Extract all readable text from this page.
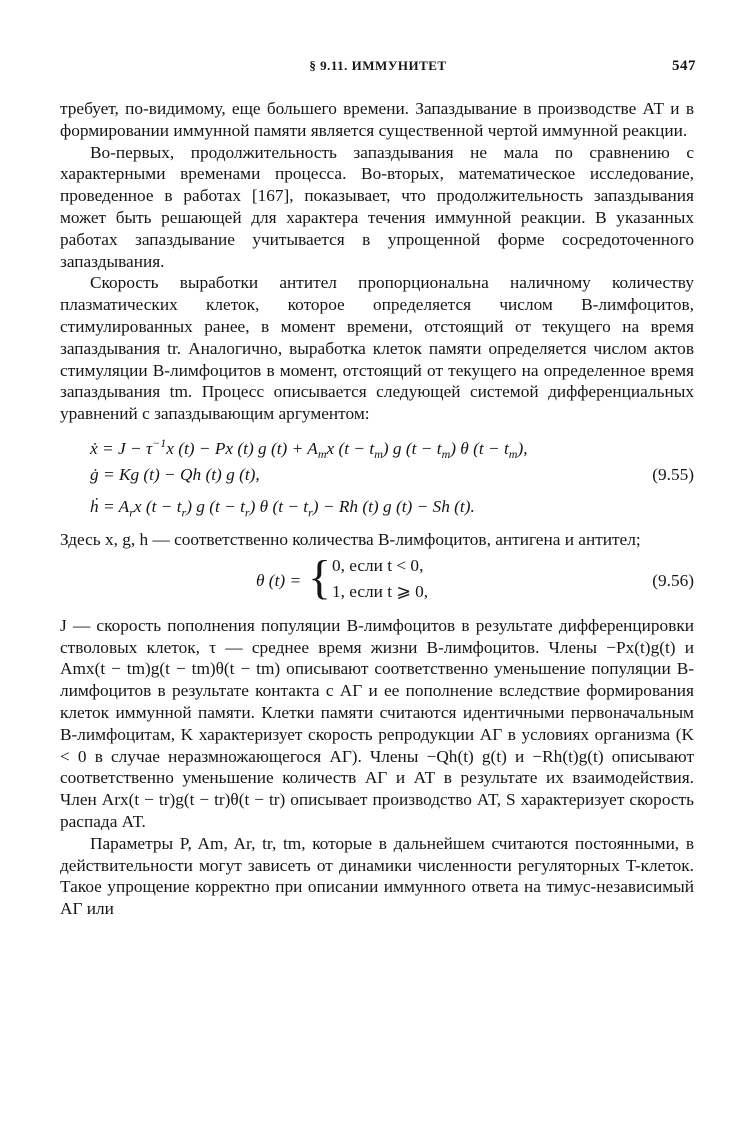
§ 9.11. ИММУНИТЕТ	547

требует, по-видимому, еще большего времени. Запаздывание в производстве АТ и в формировании иммунной памяти является существенной чертой иммунной реакции.

Во-первых, продолжительность запаздывания не мала по сравнению с характерными временами процесса. Во-вторых, математическое исследование, проведенное в работах [167], показывает, что продолжительность запаздывания может быть решающей для характера течения иммунной реакции. В указанных работах запаздывание учитывается в упрощенной форме сосредоточенного запаздывания.

Скорость выработки антител пропорциональна наличному количеству плазматических клеток, которое определяется числом B-лимфоцитов, стимулированных ранее, в момент времени, отстоящий от текущего на время запаздывания tr. Аналогично, выработка клеток памяти определяется числом актов стимуляции B-лимфоцитов в момент, отстоящий от текущего на определенное время запаздывания tm. Процесс описывается следующей системой дифференциальных уравнений с запаздывающим аргументом:

ẋ = $J - \tau^{-1}x$ (t) − Px (t) g $(t) + A_mx$ $(t - t_m)$ g $(t - t_m)$ θ $(t - t_m)$,
ġ = Kg (t) − Qh (t) g (t),	(9.55)
ḣ = $A_rx$ $(t - t_r)$ g $(t - t_r)$ θ $(t - t_r) - Rh$ (t) g (t) − Sh (t).

Здесь x, g, h — соответственно количества B-лимфоцитов, антигена и антител;

θ (t) = { 0, если t < 0,
1, если t ⩾ 0,
(9.56)

J — скорость пополнения популяции B-лимфоцитов в результате дифференцировки стволовых клеток, τ — среднее время жизни B-лимфоцитов. Члены −Px(t)g(t) и Amx(t − tm)g(t − tm)θ(t − tm) описывают соответственно уменьшение популяции B-лимфоцитов в результате контакта с АГ и ее пополнение вследствие формирования клеток иммунной памяти. Клетки памяти считаются идентичными первоначальным B-лимфоцитам, K характеризует скорость репродукции АГ в условиях организма (K < 0 в случае неразмножающегося АГ). Члены −Qh(t) g(t) и −Rh(t)g(t) описывают соответственно уменьшение количеств АГ и АТ в результате их взаимодействия. Член Arx(t − tr)g(t − tr)θ(t − tr) описывает производство АТ, S характеризует скорость распада АТ.

Параметры P, Am, Ar, tr, tm, которые в дальнейшем считаются постоянными, в действительности могут зависеть от динамики численности регуляторных T-клеток. Такое упрощение корректно при описании иммунного ответа на тимус-независимый АГ или
